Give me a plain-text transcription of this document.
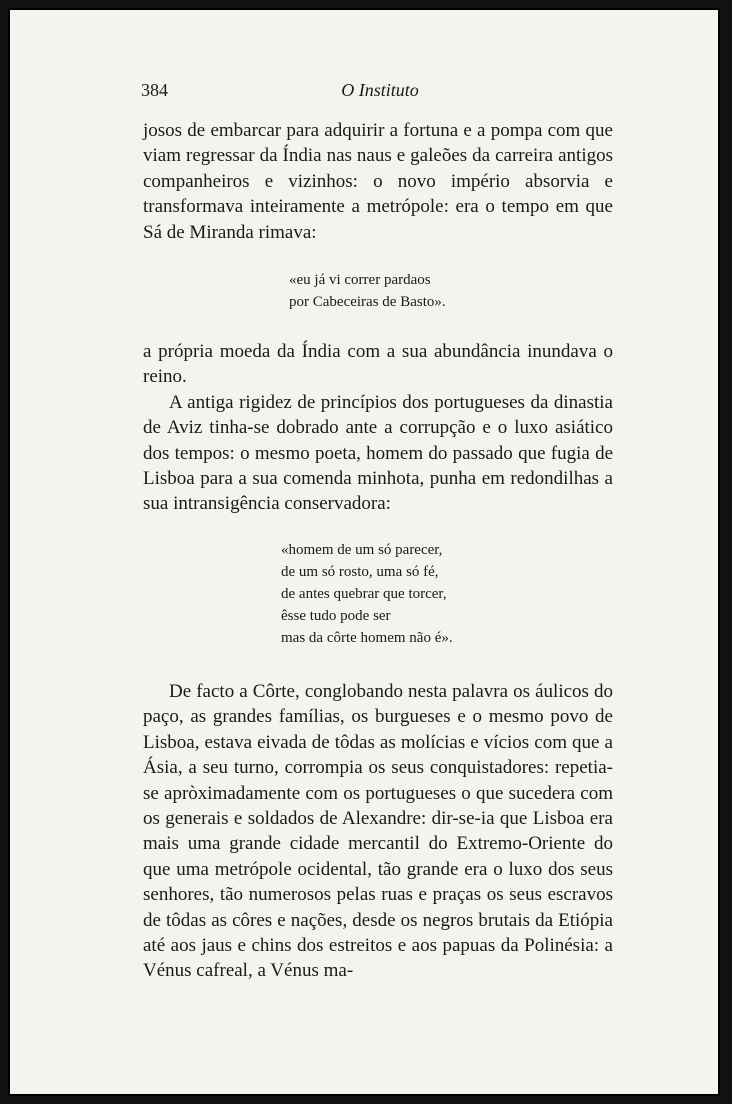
384	O Instituto

josos de embarcar para adquirir a fortuna e a pompa com que viam regressar da Índia nas naus e galeões da carreira antigos companheiros e vizinhos: o novo império absorvia e transformava inteiramente a metrópole: era o tempo em que Sá de Miranda rimava:

«eu já vi correr pardaos
por Cabeceiras de Basto».

a própria moeda da Índia com a sua abundância inundava o reino.

A antiga rigidez de princípios dos portugueses da dinastia de Aviz tinha-se dobrado ante a corrupção e o luxo asiático dos tempos: o mesmo poeta, homem do passado que fugia de Lisboa para a sua comenda minhota, punha em redondilhas a sua intransigência conservadora:

«homem de um só parecer,
de um só rosto, uma só fé,
de antes quebrar que torcer,
êsse tudo pode ser
mas da côrte homem não é».

De facto a Côrte, conglobando nesta palavra os áulicos do paço, as grandes famílias, os burgueses e o mesmo povo de Lisboa, estava eivada de tôdas as molícias e vícios com que a Ásia, a seu turno, corrompia os seus conquistadores: repetia-se apròximadamente com os portugueses o que sucedera com os generais e soldados de Alexandre: dir-se-ia que Lisboa era mais uma grande cidade mercantil do Extremo-Oriente do que uma metrópole ocidental, tão grande era o luxo dos seus senhores, tão numerosos pelas ruas e praças os seus escravos de tôdas as côres e nações, desde os negros brutais da Etiópia até aos jaus e chins dos estreitos e aos papuas da Polinésia: a Vénus cafreal, a Vénus ma-
